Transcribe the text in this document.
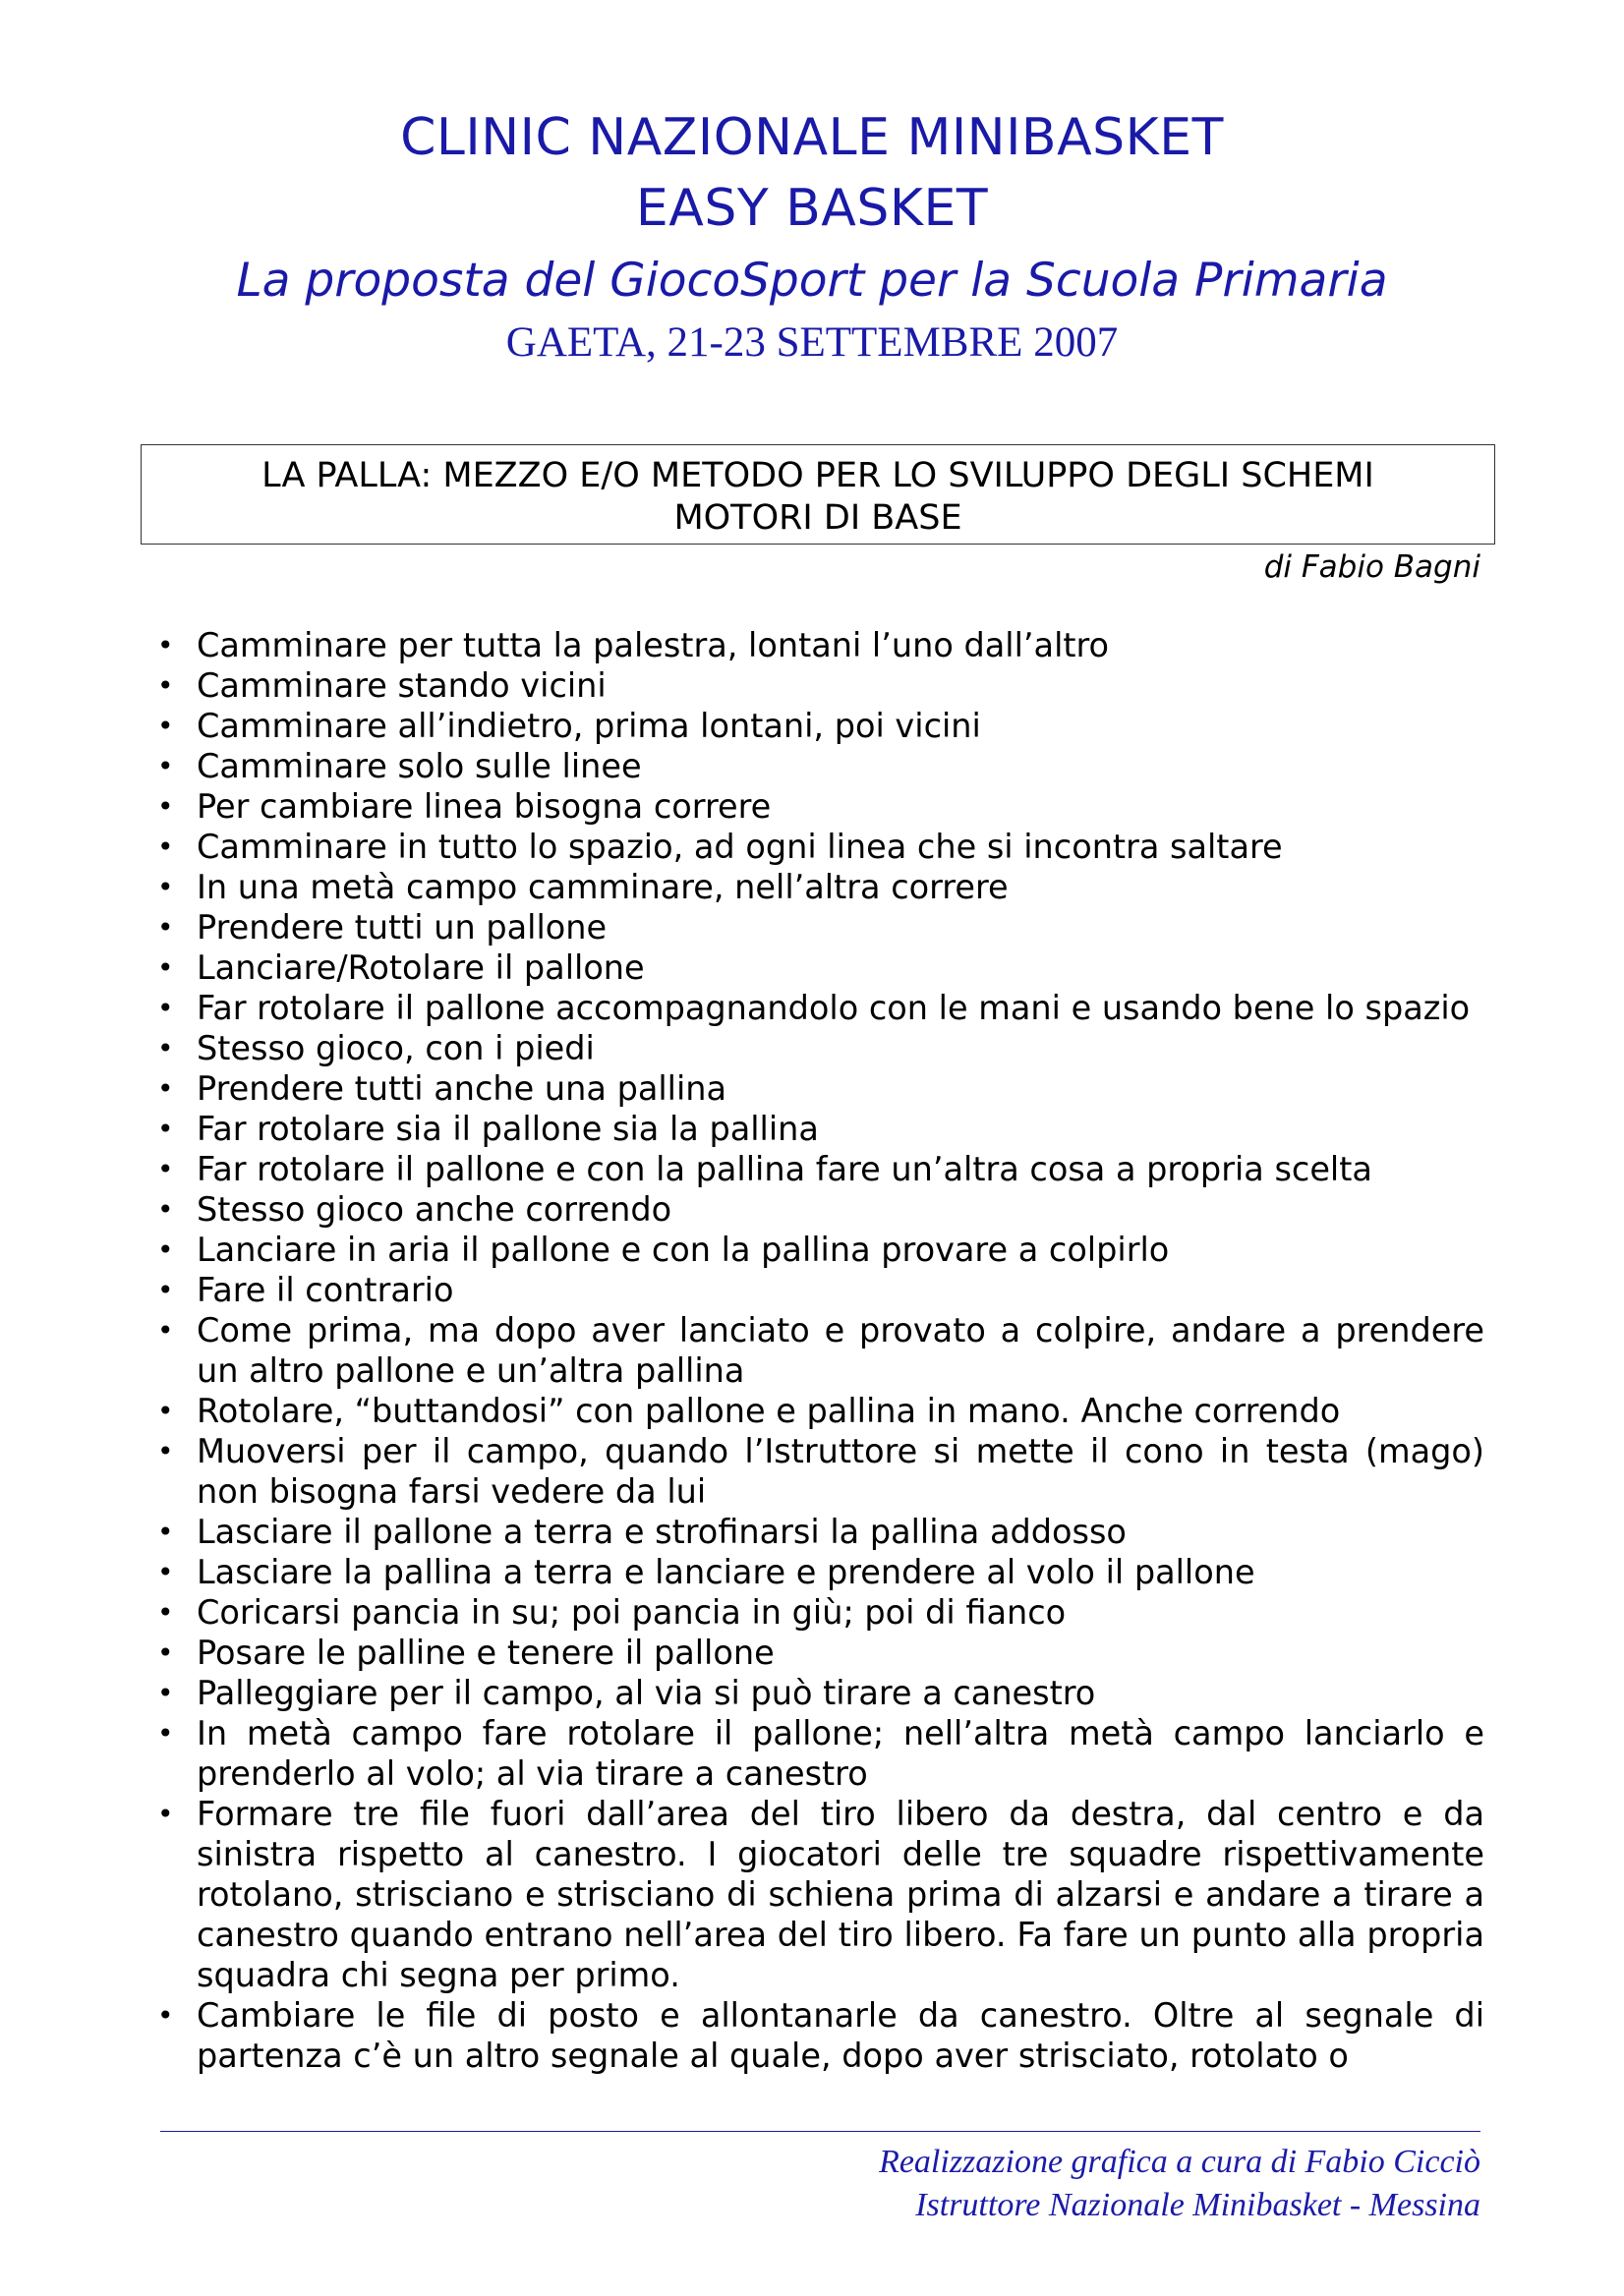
CLINIC NAZIONALE MINIBASKET
EASY BASKET
La proposta del GiocoSport per la Scuola Primaria
GAETA, 21-23 SETTEMBRE 2007
LA PALLA: MEZZO E/O METODO PER LO SVILUPPO DEGLI SCHEMI
MOTORI DI BASE
di Fabio Bagni
• Camminare per tutta la palestra, lontani l’uno dall’altro
• Camminare stando vicini
• Camminare all’indietro, prima lontani, poi vicini
• Camminare solo sulle linee
• Per cambiare linea bisogna correre
• Camminare in tutto lo spazio, ad ogni linea che si incontra saltare
• In una metà campo camminare, nell’altra correre
• Prendere tutti un pallone
• Lanciare/Rotolare il pallone
• Far rotolare il pallone accompagnandolo con le mani e usando bene lo spazio
• Stesso gioco, con i piedi
• Prendere tutti anche una pallina
• Far rotolare sia il pallone sia la pallina
• Far rotolare il pallone e con la pallina fare un’altra cosa a propria scelta
• Stesso gioco anche correndo
• Lanciare in aria il pallone e con la pallina provare a colpirlo
• Fare il contrario
• Come prima, ma dopo aver lanciato e provato a colpire, andare a prendere un altro pallone e un’altra pallina
• Rotolare, “buttandosi” con pallone e pallina in mano. Anche correndo
• Muoversi per il campo, quando l’Istruttore si mette il cono in testa (mago) non bisogna farsi vedere da lui
• Lasciare il pallone a terra e strofinarsi la pallina addosso
• Lasciare la pallina a terra e lanciare e prendere al volo il pallone
• Coricarsi pancia in su; poi pancia in giù; poi di fianco
• Posare le palline e tenere il pallone
• Palleggiare per il campo, al via si può tirare a canestro
• In metà campo fare rotolare il pallone; nell’altra metà campo lanciarlo e prenderlo al volo; al via tirare a canestro
• Formare tre file fuori dall’area del tiro libero da destra, dal centro e da sinistra rispetto al canestro. I giocatori delle tre squadre rispettivamente rotolano, strisciano e strisciano di schiena prima di alzarsi e andare a tirare a canestro quando entrano nell’area del tiro libero. Fa fare un punto alla propria squadra chi segna per primo.
• Cambiare le file di posto e allontanarle da canestro. Oltre al segnale di partenza c’è un altro segnale al quale, dopo aver strisciato, rotolato o
Realizzazione grafica a cura di Fabio Cicciò
Istruttore Nazionale Minibasket - Messina
